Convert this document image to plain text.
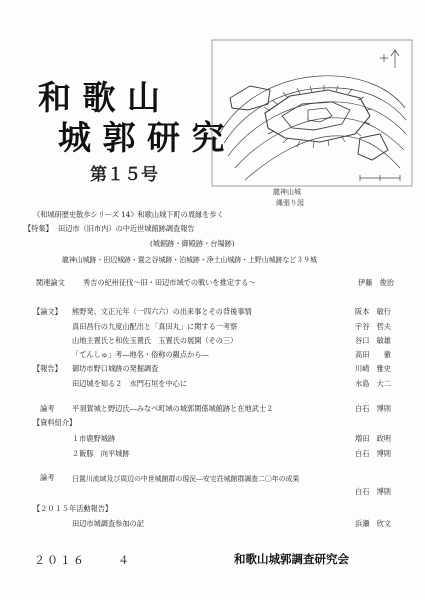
和 歌 山
城 郭 研 究
第１５号
龍神山城
縄張り図
《和城研歴史散歩シリーズ 14》和歌山城下町の周縁を歩く
【特集】 田辺市（旧市内）の中近世城館跡調査報告
(城館跡・御殿跡・台場跡)
龍神山城跡・田辺城跡・置之谷城跡・泊城跡・浄土山城跡・上野山城跡など３９城
関連論文	秀吉の紀州征伐～旧・田辺市域での戦いを推定する～	伊藤　俊治
【論文】 熊野発、文正元年（一四六六）の出来事とその背後事情	阪本　敏行
真田昌行の九度山配出と「真田丸」に関する一考察	宇谷　哲夫
山地主置氏と和佐玉置氏　玉置氏の展開（その三）	谷口　敏雄
「てんしゅ」考―地名・俗称の観点から―	高田　　徹
【報告】 御坊市野口城跡の発掘調査	川崎　雅史
田辺城を知る２　水門石垣を中心に	水島　大二
論考 平須賀城と野辺氏―みなべ町域の城郭関係城館跡と在地武士２	白石　博則
【資料紹介】
１市鹿野城跡	増田　政明
２飯豚　向平城跡	白石　博則
論考	日置川流域及び周辺の中世城館群の現況―安宅荘城館群調査二〇年の成果
白石　博則
【２０１５年活動報告】
田辺市城調査参加の記	浜瀬　欣文
２０１６	４	和歌山城郭調査研究会
